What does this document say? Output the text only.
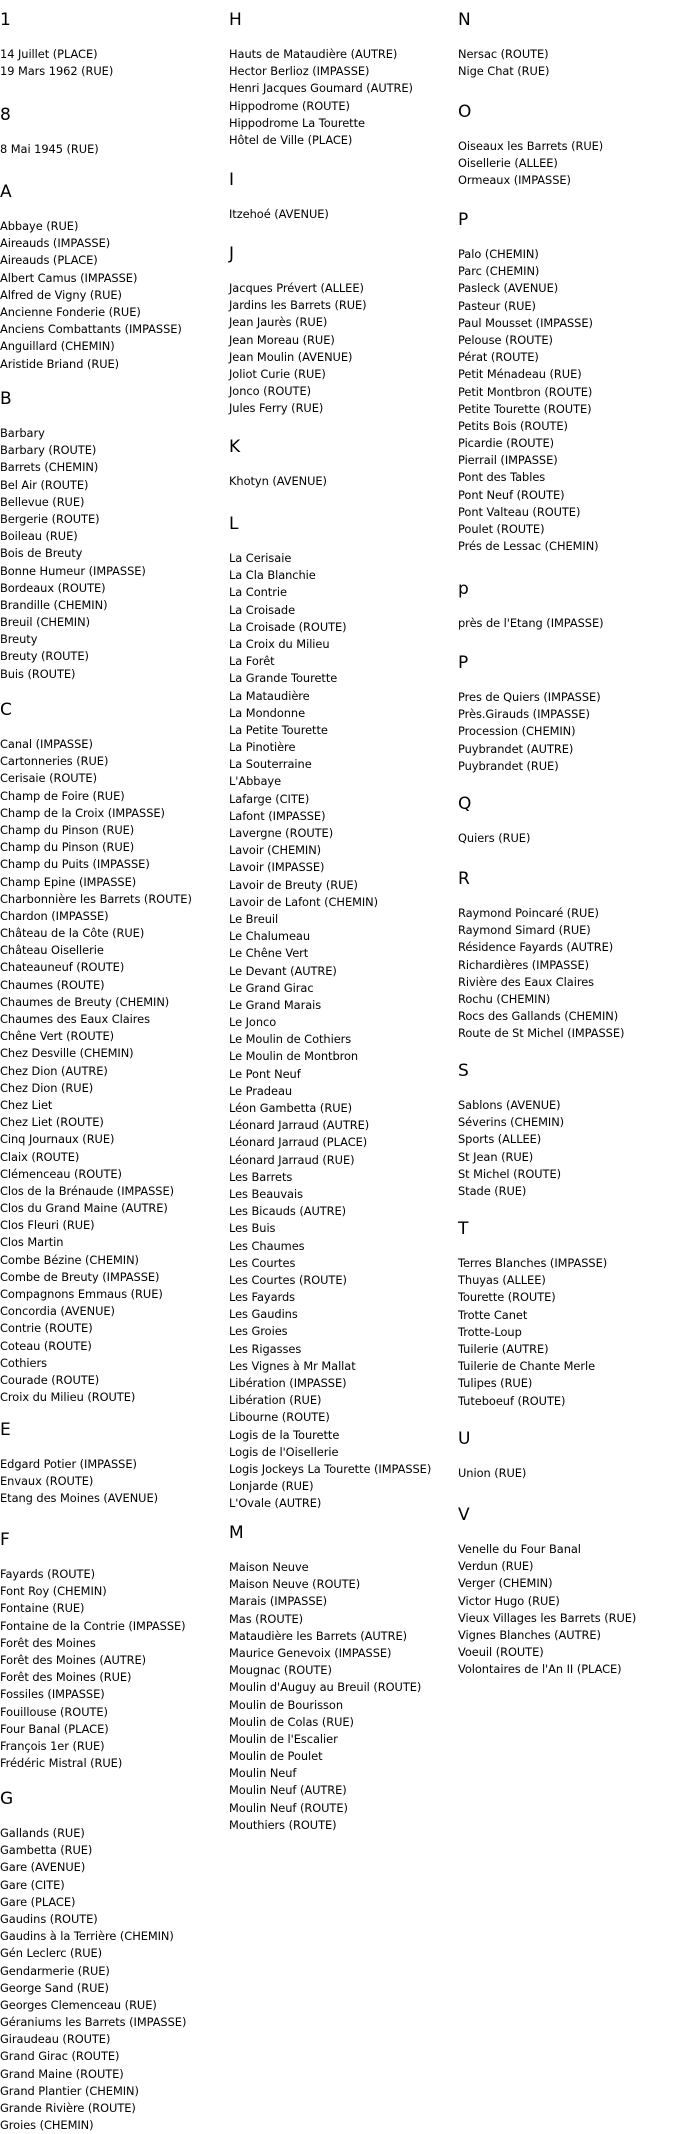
1
14 Juillet (PLACE)
19 Mars 1962 (RUE)
8
8 Mai 1945 (RUE)
A
Abbaye (RUE)
Aireauds (IMPASSE)
Aireauds (PLACE)
Albert Camus (IMPASSE)
Alfred de Vigny (RUE)
Ancienne Fonderie (RUE)
Anciens Combattants (IMPASSE)
Anguillard (CHEMIN)
Aristide Briand (RUE)
B
Barbary
Barbary (ROUTE)
Barrets (CHEMIN)
Bel Air (ROUTE)
Bellevue (RUE)
Bergerie (ROUTE)
Boileau (RUE)
Bois de Breuty
Bonne Humeur (IMPASSE)
Bordeaux (ROUTE)
Brandille (CHEMIN)
Breuil (CHEMIN)
Breuty
Breuty (ROUTE)
Buis (ROUTE)
C
Canal (IMPASSE)
Cartonneries (RUE)
Cerisaie (ROUTE)
Champ de Foire (RUE)
Champ de la Croix (IMPASSE)
Champ du Pinson (RUE)
Champ du Pinson (RUE)
Champ du Puits (IMPASSE)
Champ Epine (IMPASSE)
Charbonnière les Barrets (ROUTE)
Chardon (IMPASSE)
Château de la Côte (RUE)
Château Oisellerie
Chateauneuf (ROUTE)
Chaumes (ROUTE)
Chaumes de Breuty (CHEMIN)
Chaumes des Eaux Claires
Chêne Vert (ROUTE)
Chez Desville (CHEMIN)
Chez Dion (AUTRE)
Chez Dion (RUE)
Chez Liet
Chez Liet (ROUTE)
Cinq Journaux (RUE)
Claix (ROUTE)
Clémenceau (ROUTE)
Clos de la Brénaude (IMPASSE)
Clos du Grand Maine (AUTRE)
Clos Fleuri (RUE)
Clos Martin
Combe Bézine (CHEMIN)
Combe de Breuty (IMPASSE)
Compagnons Emmaus (RUE)
Concordia (AVENUE)
Contrie (ROUTE)
Coteau (ROUTE)
Cothiers
Courade (ROUTE)
Croix du Milieu (ROUTE)
E
Edgard Potier (IMPASSE)
Envaux (ROUTE)
Etang des Moines (AVENUE)
F
Fayards (ROUTE)
Font Roy (CHEMIN)
Fontaine (RUE)
Fontaine de la Contrie (IMPASSE)
Forêt des Moines
Forêt des Moines (AUTRE)
Forêt des Moines (RUE)
Fossiles (IMPASSE)
Fouillouse (ROUTE)
Four Banal (PLACE)
François 1er (RUE)
Frédéric Mistral (RUE)
G
Gallands (RUE)
Gambetta (RUE)
Gare (AVENUE)
Gare (CITE)
Gare (PLACE)
Gaudins (ROUTE)
Gaudins à la Terrière (CHEMIN)
Gén Leclerc (RUE)
Gendarmerie (RUE)
George Sand (RUE)
Georges Clemenceau (RUE)
Géraniums les Barrets (IMPASSE)
Giraudeau (ROUTE)
Grand Girac (ROUTE)
Grand Maine (ROUTE)
Grand Plantier (CHEMIN)
Grande Rivière (ROUTE)
Groies (CHEMIN)
H
Hauts de Mataudière (AUTRE)
Hector Berlioz (IMPASSE)
Henri Jacques Goumard (AUTRE)
Hippodrome (ROUTE)
Hippodrome La Tourette
Hôtel de Ville (PLACE)
I
Itzehoé (AVENUE)
J
Jacques Prévert (ALLEE)
Jardins les Barrets (RUE)
Jean Jaurès (RUE)
Jean Moreau (RUE)
Jean Moulin (AVENUE)
Joliot Curie (RUE)
Jonco (ROUTE)
Jules Ferry (RUE)
K
Khotyn (AVENUE)
L
La Cerisaie
La Cla Blanchie
La Contrie
La Croisade
La Croisade (ROUTE)
La Croix du Milieu
La Forêt
La Grande Tourette
La Mataudière
La Mondonne
La Petite Tourette
La Pinotière
La Souterraine
L'Abbaye
Lafarge (CITE)
Lafont (IMPASSE)
Lavergne (ROUTE)
Lavoir (CHEMIN)
Lavoir (IMPASSE)
Lavoir de Breuty (RUE)
Lavoir de Lafont (CHEMIN)
Le Breuil
Le Chalumeau
Le Chêne Vert
Le Devant (AUTRE)
Le Grand Girac
Le Grand Marais
Le Jonco
Le Moulin de Cothiers
Le Moulin de Montbron
Le Pont Neuf
Le Pradeau
Léon Gambetta (RUE)
Léonard Jarraud (AUTRE)
Léonard Jarraud (PLACE)
Léonard Jarraud (RUE)
Les Barrets
Les Beauvais
Les Bicauds (AUTRE)
Les Buis
Les Chaumes
Les Courtes
Les Courtes (ROUTE)
Les Fayards
Les Gaudins
Les Groies
Les Rigasses
Les Vignes à Mr Mallat
Libération (IMPASSE)
Libération (RUE)
Libourne (ROUTE)
Logis de la Tourette
Logis de l'Oisellerie
Logis Jockeys La Tourette (IMPASSE)
Lonjarde (RUE)
L'Ovale (AUTRE)
M
Maison Neuve
Maison Neuve (ROUTE)
Marais (IMPASSE)
Mas (ROUTE)
Mataudière les Barrets (AUTRE)
Maurice Genevoix (IMPASSE)
Mougnac (ROUTE)
Moulin d'Auguy au Breuil (ROUTE)
Moulin de Bourisson
Moulin de Colas (RUE)
Moulin de l'Escalier
Moulin de Poulet
Moulin Neuf
Moulin Neuf (AUTRE)
Moulin Neuf (ROUTE)
Mouthiers (ROUTE)
N
Nersac (ROUTE)
Nige Chat (RUE)
O
Oiseaux les Barrets (RUE)
Oisellerie (ALLEE)
Ormeaux (IMPASSE)
P
Palo (CHEMIN)
Parc (CHEMIN)
Pasleck (AVENUE)
Pasteur (RUE)
Paul Mousset (IMPASSE)
Pelouse (ROUTE)
Pérat (ROUTE)
Petit Ménadeau (RUE)
Petit Montbron (ROUTE)
Petite Tourette (ROUTE)
Petits Bois (ROUTE)
Picardie (ROUTE)
Pierrail (IMPASSE)
Pont des Tables
Pont Neuf (ROUTE)
Pont Valteau (ROUTE)
Poulet (ROUTE)
Prés de Lessac (CHEMIN)
p
près de l'Etang (IMPASSE)
P
Pres de Quiers (IMPASSE)
Près.Girauds (IMPASSE)
Procession (CHEMIN)
Puybrandet (AUTRE)
Puybrandet (RUE)
Q
Quiers (RUE)
R
Raymond Poincaré (RUE)
Raymond Simard (RUE)
Résidence Fayards (AUTRE)
Richardières (IMPASSE)
Rivière des Eaux Claires
Rochu (CHEMIN)
Rocs des Gallands (CHEMIN)
Route de St Michel (IMPASSE)
S
Sablons (AVENUE)
Séverins (CHEMIN)
Sports (ALLEE)
St Jean (RUE)
St Michel (ROUTE)
Stade (RUE)
T
Terres Blanches (IMPASSE)
Thuyas (ALLEE)
Tourette (ROUTE)
Trotte Canet
Trotte-Loup
Tuilerie (AUTRE)
Tuilerie de Chante Merle
Tulipes (RUE)
Tuteboeuf (ROUTE)
U
Union (RUE)
V
Venelle du Four Banal
Verdun (RUE)
Verger (CHEMIN)
Victor Hugo (RUE)
Vieux Villages les Barrets (RUE)
Vignes Blanches (AUTRE)
Voeuil (ROUTE)
Volontaires de l'An II (PLACE)
